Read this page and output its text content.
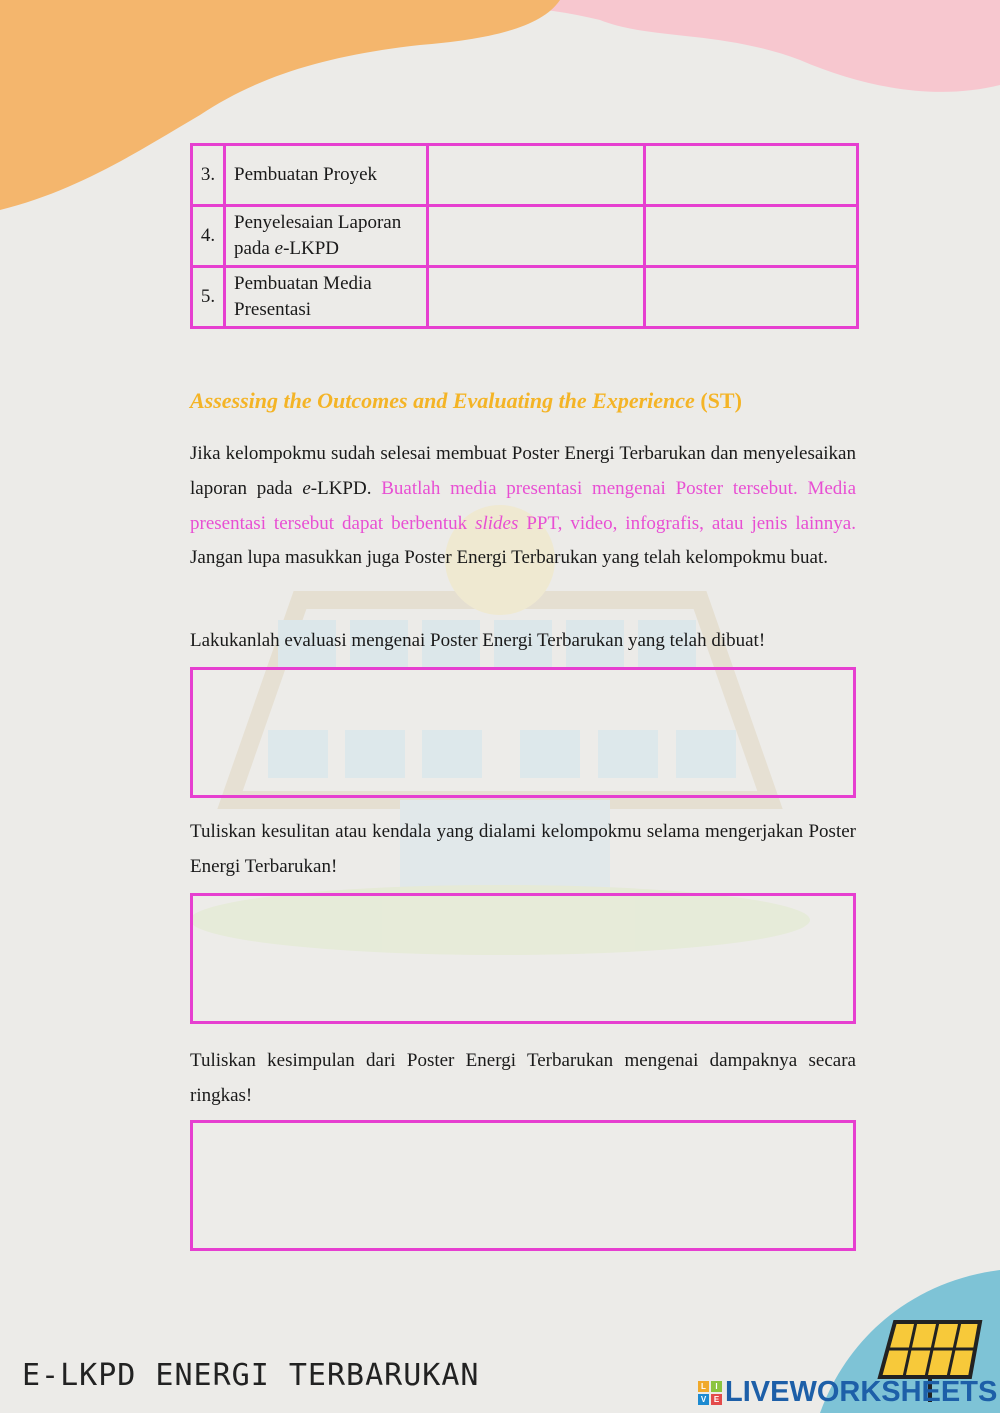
3.	Pembuatan Proyek		
4.	Penyelesaian Laporan
pada e-LKPD		
5.	Pembuatan Media
Presentasi		
Assessing the Outcomes and Evaluating the Experience (ST)
Jika kelompokmu sudah selesai membuat Poster Energi Terbarukan dan menyelesaikan laporan pada e-LKPD. Buatlah media presentasi mengenai Poster tersebut. Media presentasi tersebut dapat berbentuk slides PPT, video, infografis, atau jenis lainnya. Jangan lupa masukkan juga Poster Energi Terbarukan yang telah kelompokmu buat.
Lakukanlah evaluasi mengenai Poster Energi Terbarukan yang telah dibuat!
Tuliskan kesulitan atau kendala yang dialami kelompokmu selama mengerjakan Poster Energi Terbarukan!
Tuliskan kesimpulan dari Poster Energi Terbarukan mengenai dampaknya secara ringkas!
E-LKPD ENERGI TERBARUKAN	L	I
V E LIVEWORKSHEETS
